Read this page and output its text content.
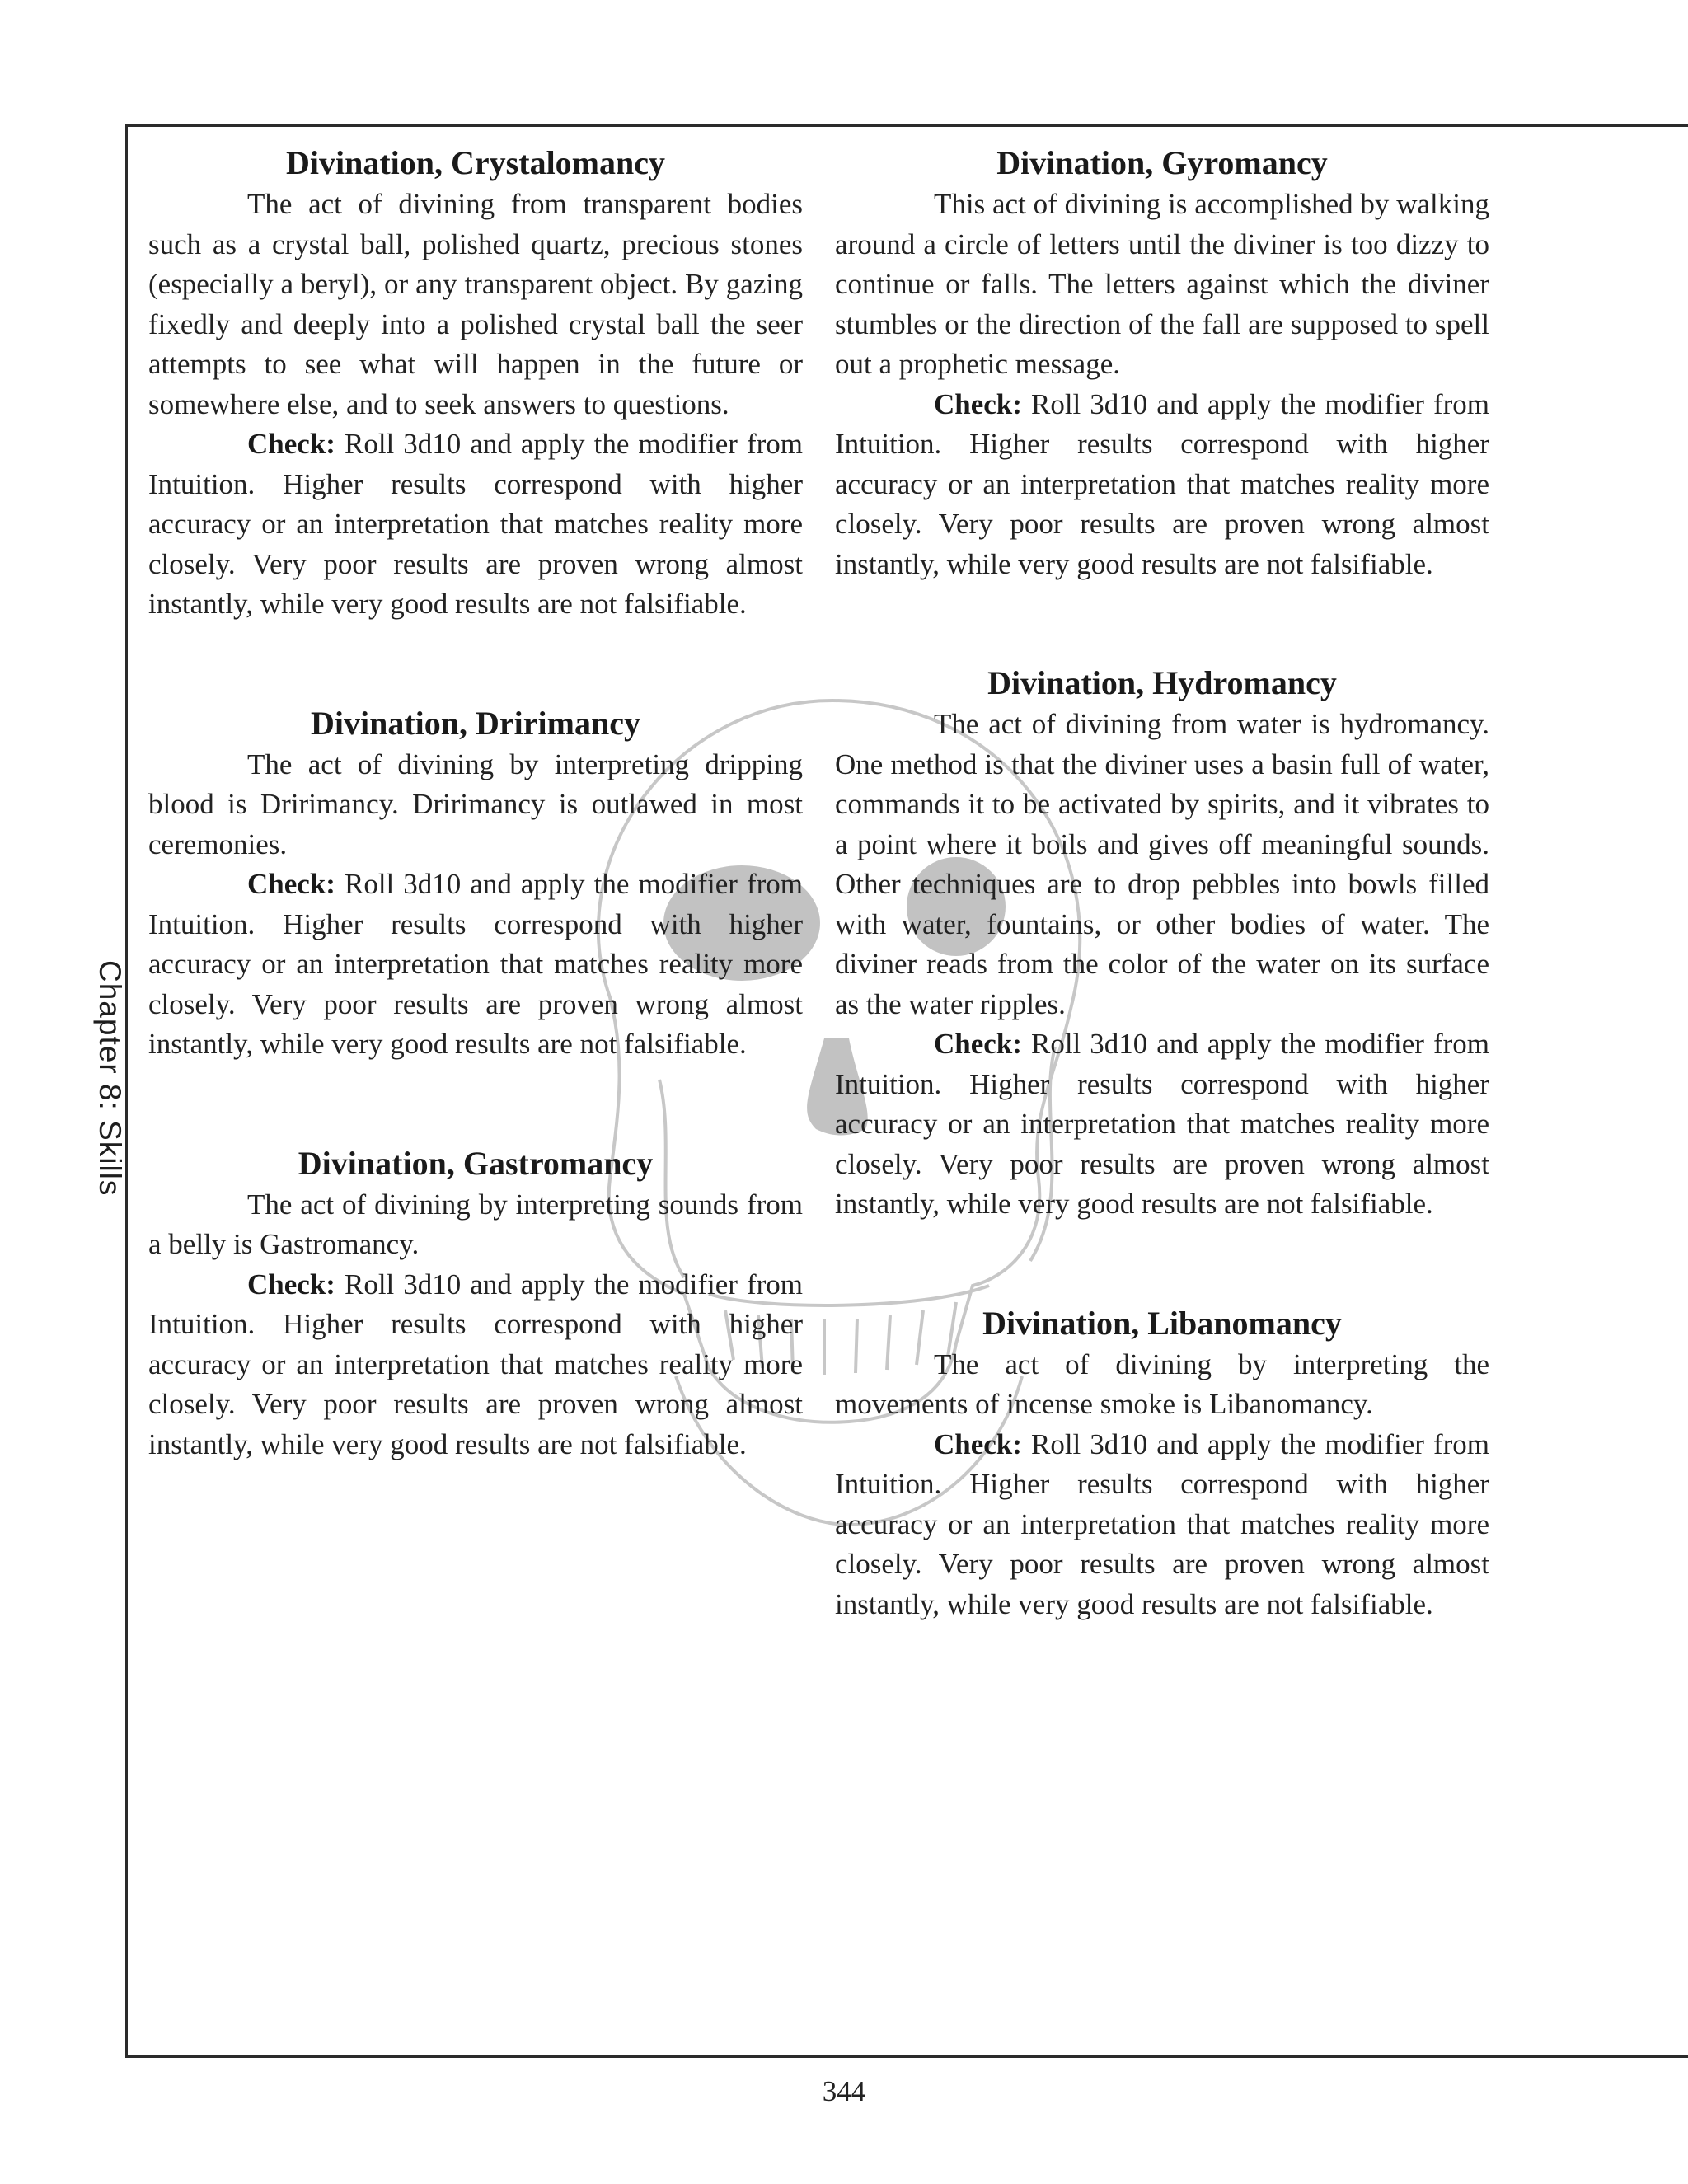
Chapter 8: Skills
Divination, Crystalomancy

The act of divining from transparent bodies such as a crystal ball, polished quartz, precious stones (especially a beryl), or any transparent object. By gazing fixedly and deeply into a polished crystal ball the seer attempts to see what will happen in the future or somewhere else, and to seek answers to questions.

Check: Roll 3d10 and apply the modifier from Intuition. Higher results correspond with higher accuracy or an interpretation that matches reality more closely. Very poor results are proven wrong almost instantly, while very good results are not falsifiable.

Divination, Dririmancy

The act of divining by interpreting dripping blood is Dririmancy. Dririmancy is outlawed in most ceremonies.

Check: Roll 3d10 and apply the modifier from Intuition. Higher results correspond with higher accuracy or an interpretation that matches reality more closely. Very poor results are proven wrong almost instantly, while very good results are not falsifiable.

Divination, Gastromancy

The act of divining by interpreting sounds from a belly is Gastromancy.

Check: Roll 3d10 and apply the modifier from Intuition. Higher results correspond with higher accuracy or an interpretation that matches reality more closely. Very poor results are proven wrong almost instantly, while very good results are not falsifiable.

Divination, Gyromancy

This act of divining is accomplished by walking around a circle of letters until the diviner is too dizzy to continue or falls. The letters against which the diviner stumbles or the direction of the fall are supposed to spell out a prophetic message.

Check: Roll 3d10 and apply the modifier from Intuition. Higher results correspond with higher accuracy or an interpretation that matches reality more closely. Very poor results are proven wrong almost instantly, while very good results are not falsifiable.

Divination, Hydromancy

The act of divining from water is hydromancy. One method is that the diviner uses a basin full of water, commands it to be activated by spirits, and it vibrates to a point where it boils and gives off meaningful sounds. Other techniques are to drop pebbles into bowls filled with water, fountains, or other bodies of water. The diviner reads from the color of the water on its surface as the water ripples.

Check: Roll 3d10 and apply the modifier from Intuition. Higher results correspond with higher accuracy or an interpretation that matches reality more closely. Very poor results are proven wrong almost instantly, while very good results are not falsifiable.

Divination, Libanomancy

The act of divining by interpreting the movements of incense smoke is Libanomancy.

Check: Roll 3d10 and apply the modifier from Intuition. Higher results correspond with higher accuracy or an interpretation that matches reality more closely. Very poor results are proven wrong almost instantly, while very good results are not falsifiable.

344
